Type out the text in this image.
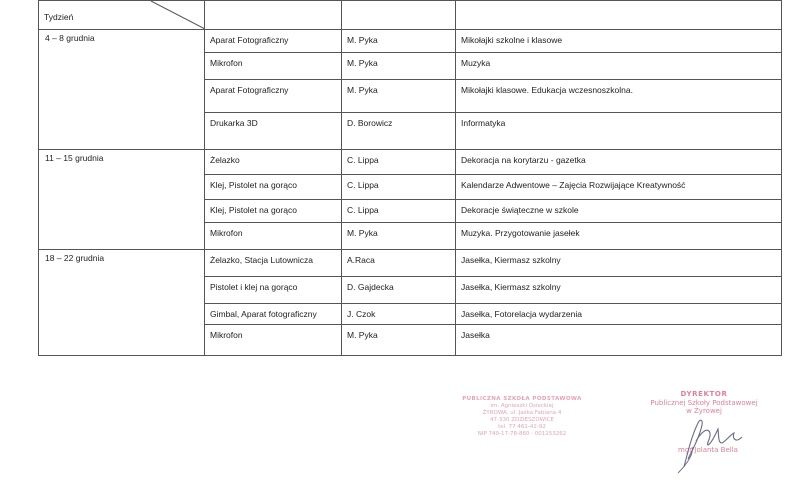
Tydzień			

4 – 8 grudnia	Aparat Fotograficzny	M. Pyka	Mikołajki szkolne i klasowe
	Mikrofon	M. Pyka	Muzyka
	Aparat Fotograficzny	M. Pyka	Mikołajki klasowe. Edukacja wczesnoszkolna.
	Drukarka 3D	D. Borowicz	Informatyka
11 – 15 grudnia	Żelazko	C. Lippa	Dekoracja na korytarzu - gazetka
	Klej, Pistolet na gorąco	C. Lippa	Kalendarze Adwentowe – Zajęcia Rozwijające Kreatywność
	Klej, Pistolet na gorąco	C. Lippa	Dekoracje świąteczne w szkole
	Mikrofon	M. Pyka	Muzyka. Przygotowanie jasełek
18 – 22 grudnia	Żelazko, Stacja Lutownicza	A.Raca	Jasełka, Kiermasz szkolny
	Pistolet i klej na gorąco	D. Gajdecka	Jasełka, Kiermasz szkolny
	Gimbal, Aparat fotograficzny	J. Czok	Jasełka, Fotorelacja wydarzenia
	Mikrofon	M. Pyka	Jasełka
PUBLICZNA SZKOŁA PODSTAWOWA
im. Agnieszki Osieckiej
ŻYROWA, ul. Jaśka Fabiana 4
47-330 ZDZIESZOWICE
tel. 77 461-42-92
NIP 749-17-78-860 · 001153262
DYREKTOR
Publicznej Szkoły Podstawowej
w Żyrowej
mgr Jolanta Bella
